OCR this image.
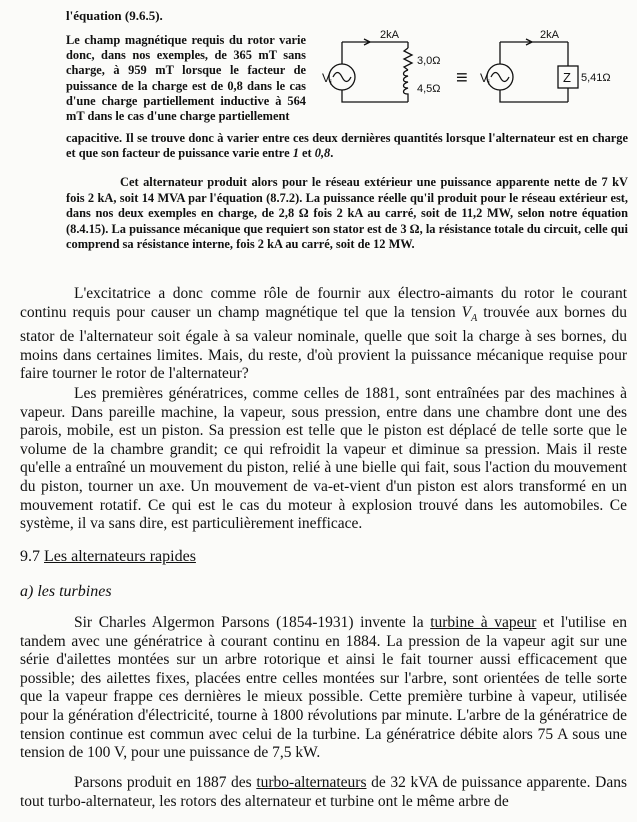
l'équation (9.6.5).

Le champ magnétique requis du rotor varie donc, dans nos exemples, de 365 mT sans charge, à 959 mT lorsque le facteur de puissance de la charge est de 0,8 dans le cas d'une charge partiellement inductive à 564 mT dans le cas d'une charge partiellement

capacitive. Il se trouve donc à varier entre ces deux dernières quantités lorsque l'alternateur est en charge et que son facteur de puissance varie entre 1 et 0,8.

Cet alternateur produit alors pour le réseau extérieur une puissance apparente nette de 7 kV fois 2 kA, soit 14 MVA par l'équation (8.7.2). La puissance réelle qu'il produit pour le réseau extérieur est, dans nos deux exemples en charge, de 2,8 Ω fois 2 kA au carré, soit de 11,2 MW, selon notre équation (8.4.15). La puissance mécanique que requiert son stator est de 3 Ω, la résistance totale du circuit, celle qui comprend sa résistance interne, fois 2 kA au carré, soit de 12 MW.

L'excitatrice a donc comme rôle de fournir aux électro-aimants du rotor le courant continu requis pour causer un champ magnétique tel que la tension $V_A$ trouvée aux bornes du stator de l'alternateur soit égale à sa valeur nominale, quelle que soit la charge à ses bornes, du moins dans certaines limites. Mais, du reste, d'où provient la puissance mécanique requise pour faire tourner le rotor de l'alternateur?

Les premières génératrices, comme celles de 1881, sont entraînées par des machines à vapeur. Dans pareille machine, la vapeur, sous pression, entre dans une chambre dont une des parois, mobile, est un piston. Sa pression est telle que le piston est déplacé de telle sorte que le volume de la chambre grandit; ce qui refroidit la vapeur et diminue sa pression. Mais il reste qu'elle a entraîné un mouvement du piston, relié à une bielle qui fait, sous l'action du mouvement du piston, tourner un axe. Un mouvement de va-et-vient d'un piston est alors transformé en un mouvement rotatif. Ce qui est le cas du moteur à explosion trouvé dans les automobiles. Ce système, il va sans dire, est particulièrement inefficace.

9.7 Les alternateurs rapides
a) les turbines

Sir Charles Algermon Parsons (1854-1931) invente la turbine à vapeur et l'utilise en tandem avec une génératrice à courant continu en 1884. La pression de la vapeur agit sur une série d'ailettes montées sur un arbre rotorique et ainsi le fait tourner aussi efficacement que possible; des ailettes fixes, placées entre celles montées sur l'arbre, sont orientées de telle sorte que la vapeur frappe ces dernières le mieux possible. Cette première turbine à vapeur, utilisée pour la génération d'électricité, tourne à 1800 révolutions par minute. L'arbre de la génératrice de tension continue est commun avec celui de la turbine. La génératrice débite alors 75 A sous une tension de 100 V, pour une puissance de 7,5 kW.

Parsons produit en 1887 des turbo-alternateurs de 32 kVA de puissance apparente. Dans tout turbo-alternateur, les rotors des alternateur et turbine ont le même arbre de

2kA
$V_i$
3,0Ω
$4,5\Omega \equiv V_i$
2kA
Z 5,41Ω
